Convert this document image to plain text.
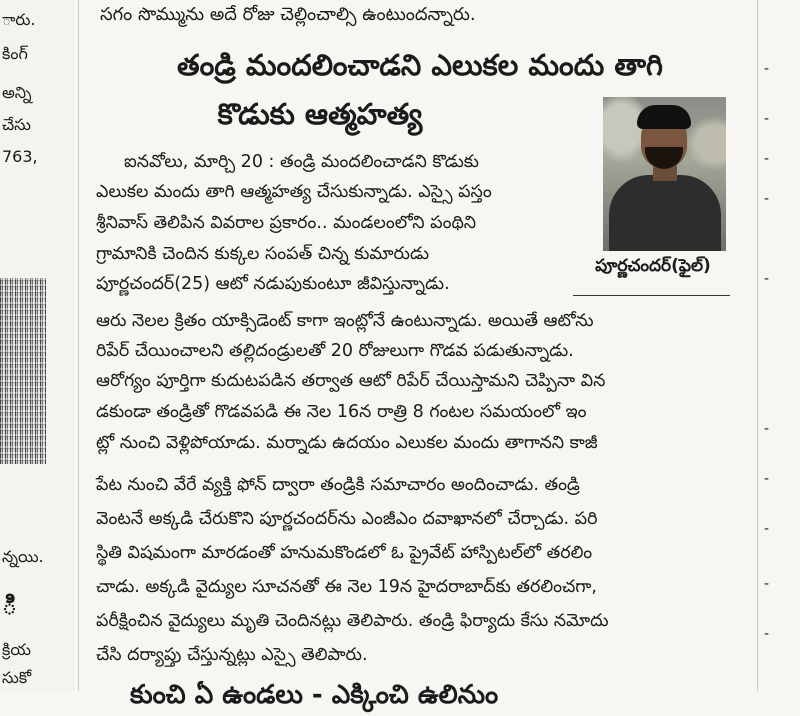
ారు.
కింగ్
అన్ని
చేసు
763,
న్నయి.
ి
క్రియ
సుకో
-
-
-
-
-
-
-
-
-
-
సగం సొమ్మును అదే రోజు చెల్లించాల్సి ఉంటుందన్నారు.
తండ్రి మందలించాడని ఎలుకల మందు తాగి
కొడుకు ఆత్మహత్య
పూర్ణచందర్(ఫైల్)
ఐనవోలు, మార్చి 20 : తండ్రి మందలించాడని కొడుకు
ఎలుకల మందు తాగి ఆత్మహత్య చేసుకున్నాడు. ఎస్సై పస్తం
శ్రీనివాస్ తెలిపిన వివరాల ప్రకారం.. మండలంలోని పంథిని
గ్రామానికి చెందిన కుక్కల సంపత్ చిన్న కుమారుడు
పూర్ణచందర్(25) ఆటో నడుపుకుంటూ జీవిస్తున్నాడు.
ఆరు నెలల క్రితం యాక్సిడెంట్ కాగా ఇంట్లోనే ఉంటున్నాడు. అయితే ఆటోను
రిపేర్ చేయించాలని తల్లిదండ్రులతో 20 రోజులుగా గొడవ పడుతున్నాడు.
ఆరోగ్యం పూర్తిగా కుదుటపడిన తర్వాత ఆటో రిపేర్ చేయిస్తామని చెప్పినా విన
డకుండా తండ్రితో గొడవపడి ఈ నెల 16న రాత్రి 8 గంటల సమయంలో ఇం
ట్లో నుంచి వెళ్లిపోయాడు. మర్నాడు ఉదయం ఎలుకల మందు తాగానని కాజీ
పేట నుంచి వేరే వ్యక్తి ఫోన్ ద్వారా తండ్రికి సమాచారం అందించాడు. తండ్రి
వెంటనే అక్కడి చేరుకొని పూర్ణచందర్‌ను ఎంజీఎం దవాఖానలో చేర్చాడు. పరి
స్థితి విషమంగా మారడంతో హనుమకొండలో ఓ ప్రైవేట్ హాస్పిటల్‌లో తరలిం
చాడు. అక్కడి వైద్యుల సూచనతో ఈ నెల 19న హైదరాబాద్‌కు తరలించగా,
పరీక్షించిన వైద్యులు మృతి చెందినట్లు తెలిపారు. తండ్రి ఫిర్యాదు కేసు నమోదు
చేసి దర్యాప్తు చేస్తున్నట్లు ఎస్సై తెలిపారు.
కుంచి ఏ ఉండలు - ఎక్కించి ఉలినుం
